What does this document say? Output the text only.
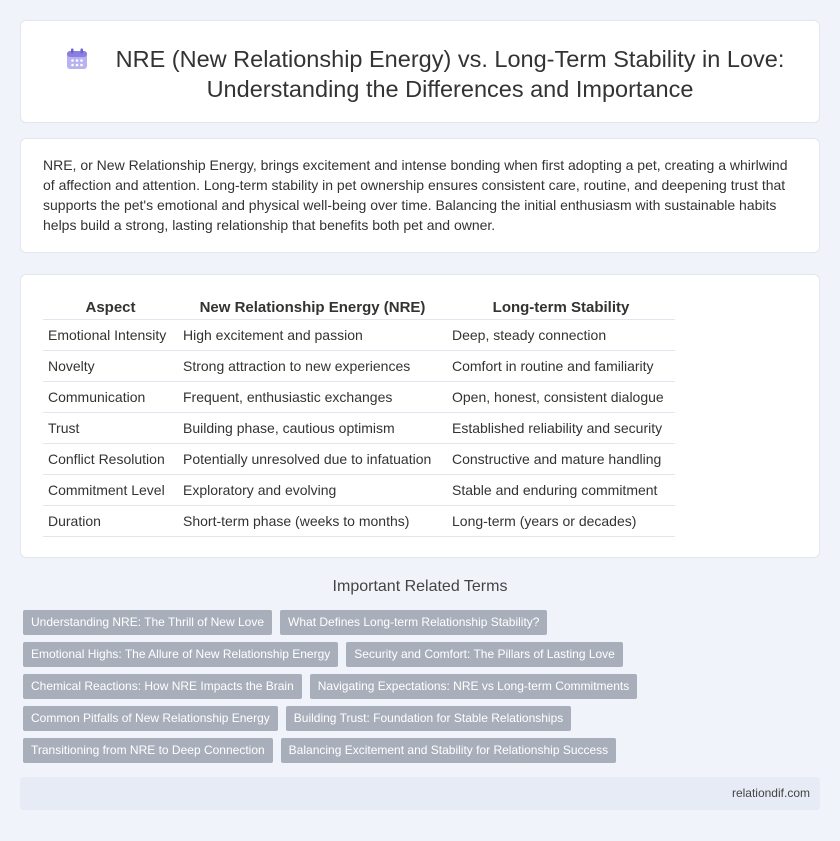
NRE (New Relationship Energy) vs. Long-Term Stability in Love: Understanding the Differences and Importance

NRE, or New Relationship Energy, brings excitement and intense bonding when first adopting a pet, creating a whirlwind of affection and attention. Long-term stability in pet ownership ensures consistent care, routine, and deepening trust that supports the pet's emotional and physical well-being over time. Balancing the initial enthusiasm with sustainable habits helps build a strong, lasting relationship that benefits both pet and owner.

Aspect	New Relationship Energy (NRE)	Long-term Stability
Emotional Intensity	High excitement and passion	Deep, steady connection
Novelty	Strong attraction to new experiences	Comfort in routine and familiarity
Communication	Frequent, enthusiastic exchanges	Open, honest, consistent dialogue
Trust	Building phase, cautious optimism	Established reliability and security
Conflict Resolution	Potentially unresolved due to infatuation	Constructive and mature handling
Commitment Level	Exploratory and evolving	Stable and enduring commitment
Duration	Short-term phase (weeks to months)	Long-term (years or decades)
Important Related Terms
Understanding NRE: The Thrill of New Love	What Defines Long-term Relationship Stability?
Emotional Highs: The Allure of New Relationship Energy	Security and Comfort: The Pillars of Lasting Love
Chemical Reactions: How NRE Impacts the Brain	Navigating Expectations: NRE vs Long-term Commitments
Common Pitfalls of New Relationship Energy	Building Trust: Foundation for Stable Relationships
Transitioning from NRE to Deep Connection	Balancing Excitement and Stability for Relationship Success
relationdif.com
